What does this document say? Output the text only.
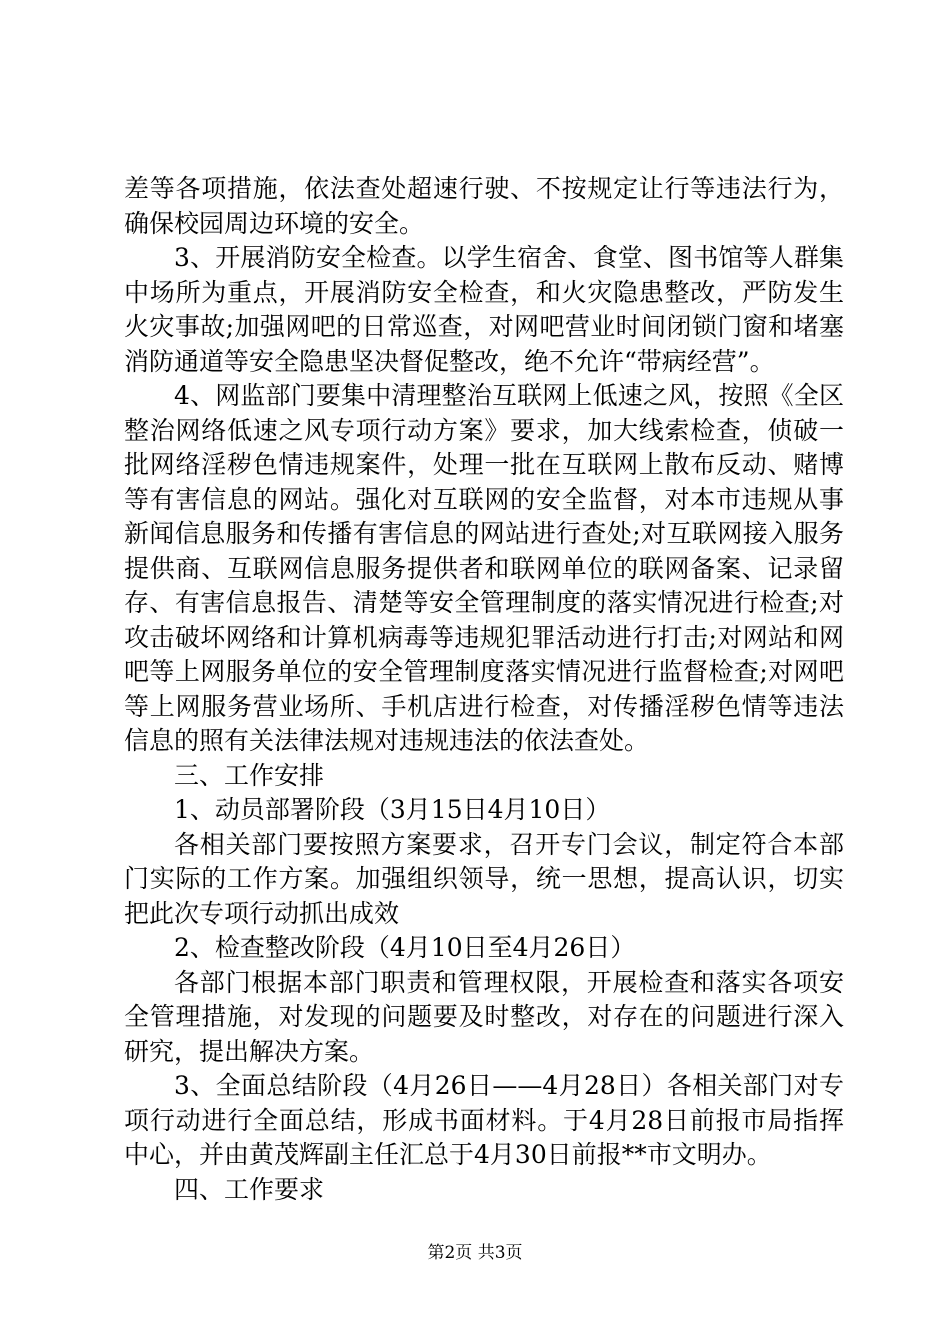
差等各项措施，依法查处超速行驶、不按规定让行等违法行为，确保校园周边环境的安全。

3、开展消防安全检查。以学生宿舍、食堂、图书馆等人群集中场所为重点，开展消防安全检查，和火灾隐患整改，严防发生火灾事故;加强网吧的日常巡查，对网吧营业时间闭锁门窗和堵塞消防通道等安全隐患坚决督促整改，绝不允许“带病经营”。

4、网监部门要集中清理整治互联网上低速之风，按照《全区整治网络低速之风专项行动方案》要求，加大线索检查，侦破一批网络淫秽色情违规案件，处理一批在互联网上散布反动、赌博等有害信息的网站。强化对互联网的安全监督，对本市违规从事新闻信息服务和传播有害信息的网站进行查处;对互联网接入服务提供商、互联网信息服务提供者和联网单位的联网备案、记录留存、有害信息报告、清楚等安全管理制度的落实情况进行检查;对攻击破坏网络和计算机病毒等违规犯罪活动进行打击;对网站和网吧等上网服务单位的安全管理制度落实情况进行监督检查;对网吧等上网服务营业场所、手机店进行检查，对传播淫秽色情等违法信息的照有关法律法规对违规违法的依法查处。

三、工作安排

1、动员部署阶段（3月15日4月10日）

各相关部门要按照方案要求，召开专门会议，制定符合本部门实际的工作方案。加强组织领导，统一思想，提高认识，切实把此次专项行动抓出成效

2、检查整改阶段（4月10日至4月26日）

各部门根据本部门职责和管理权限，开展检查和落实各项安全管理措施，对发现的问题要及时整改，对存在的问题进行深入研究，提出解决方案。

3、全面总结阶段（4月26日——4月28日）各相关部门对专项行动进行全面总结，形成书面材料。于4月28日前报市局指挥中心，并由黄茂辉副主任汇总于4月30日前报**市文明办。

四、工作要求

第2页 共3页
